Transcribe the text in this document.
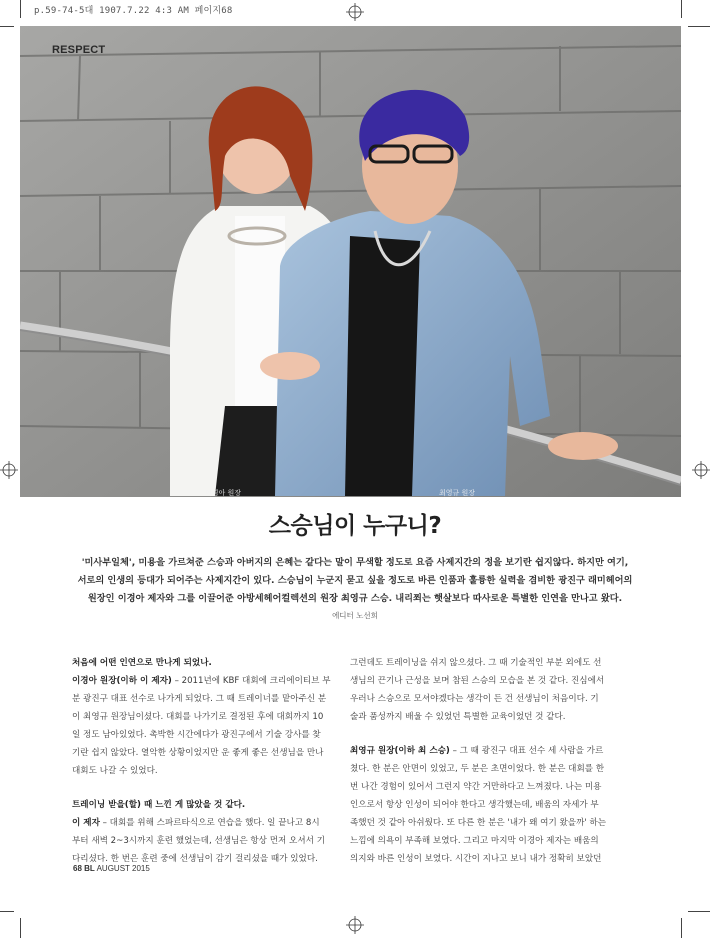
p.59-74-5대 1907.7.22 4:3 AM 페이지68
이경아 원장	최영규 원장
RESPECT
스승님이 누구니?

'미사부일체', 미용을 가르쳐준 스승과 아버지의 은혜는 같다는 말이 무색할 정도로 요즘 사제지간의 정을 보기란 쉽지않다. 하지만 여기,

서로의 인생의 등대가 되어주는 사제지간이 있다. 스승님이 누군지 묻고 싶을 정도로 바른 인품과 훌륭한 실력을 겸비한 광진구 래미헤어의

원장인 이경아 제자와 그를 이끌어준 아방세헤어컬렉션의 원장 최영규 스승. 내리쬐는 햇살보다 따사로운 특별한 인연을 만나고 왔다.

에디터 노선희

처음에 어떤 인연으로 만나게 되었나.

이경아 원장(이하 이 제자) – 2011년에 KBF 대회에 크리에이티브 부

분 광진구 대표 선수로 나가게 되었다. 그 때 트레이너를 맡아주신 분

이 최영규 원장님이셨다. 대회를 나가기로 결정된 후에 대회까지 10

일 정도 남아있었다. 촉박한 시간에다가 광진구에서 기술 강사를 찾

기란 쉽지 않았다. 열악한 상황이었지만 운 좋게 좋은 선생님을 만나

대회도 나갈 수 있었다.

트레이닝 받을(할) 때 느낀 게 많았을 것 같다.

이 제자 – 대회를 위해 스파르타식으로 연습을 했다. 일 끝나고 8시

부터 새벽 2~3시까지 훈련 했었는데, 선생님은 항상 먼저 오셔서 기

다리셨다. 한 번은 훈련 중에 선생님이 감기 걸리셨을 때가 있었다.

그런데도 트레이닝을 쉬지 않으셨다. 그 때 기술적인 부분 외에도 선

생님의 끈기나 근성을 보며 참된 스승의 모습을 본 것 같다. 진심에서

우러나 스승으로 모셔야겠다는 생각이 든 건 선생님이 처음이다. 기

술과 품성까지 배울 수 있었던 특별한 교육이었던 것 같다.

최영규 원장(이하 최 스승) – 그 때 광진구 대표 선수 세 사람을 가르

쳤다. 한 분은 안면이 있었고, 두 분은 초면이었다. 한 분은 대회를 한

번 나간 경험이 있어서 그런지 약간 거만하다고 느껴졌다. 나는 미용

인으로서 항상 인성이 되어야 한다고 생각했는데, 배움의 자세가 부

족했던 것 같아 아쉬웠다. 또 다른 한 분은 '내가 왜 여기 왔을까' 하는

느낌에 의욕이 부족해 보였다. 그리고 마지막 이경아 제자는 배움의

의지와 바른 인성이 보였다. 시간이 지나고 보니 내가 정확히 보았던

68 BL AUGUST 2015
